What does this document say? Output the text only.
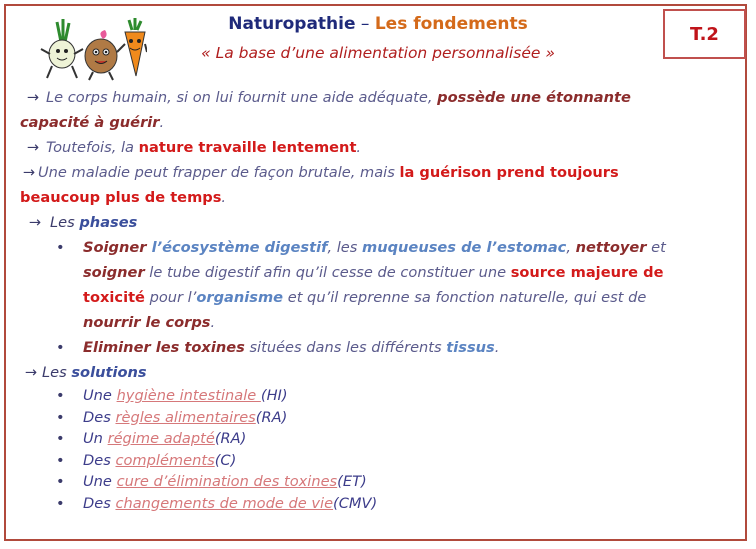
Naturopathie – Les fondements
« La base d’une alimentation personnalisée »
T.2
→ Le corps humain, si on lui fournit une aide adéquate, possède une étonnante
capacité à guérir.
→ Toutefois, la nature travaille lentement.
→ Une maladie peut frapper de façon brutale, mais la guérison prend toujours
beaucoup plus de temps.
→ Les phases
• Soigner l’écosystème digestif, les muqueuses de l’estomac, nettoyer et
soigner le tube digestif afin qu’il cesse de constituer une source majeure de
toxicité pour l’organisme et qu’il reprenne sa fonction naturelle, qui est de
nourrir le corps.
• Eliminer les toxines situées dans les différents tissus.
→ Les solutions
• Une hygiène intestinale (HI)
• Des règles alimentaires(RA)
• Un régime adapté(RA)
• Des compléments(C)
• Une cure d’élimination des toxines(ET)
• Des changements de mode de vie(CMV)
